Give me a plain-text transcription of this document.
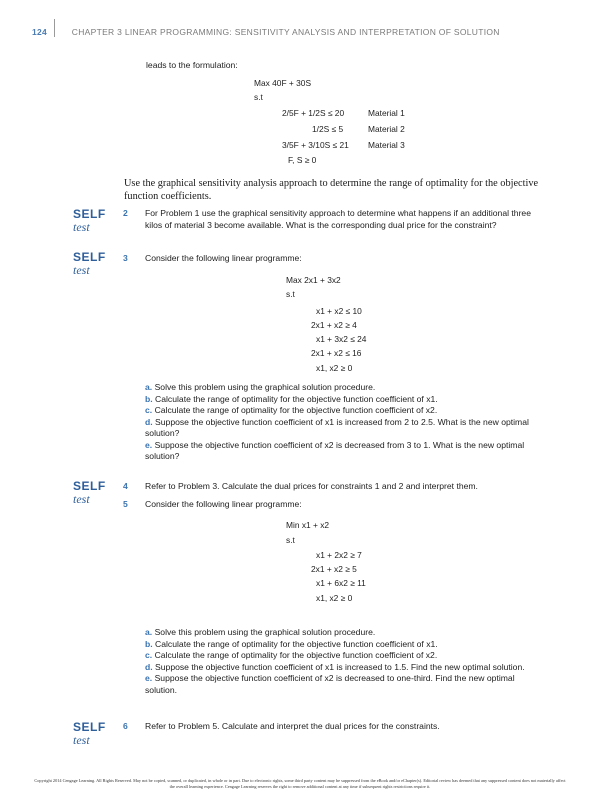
124	CHAPTER 3 LINEAR PROGRAMMING: SENSITIVITY ANALYSIS AND INTERPRETATION OF SOLUTION
leads to the formulation:
Max 40F + 30S
s.t
2/5F + 1/2S ≤ 20	Material 1
1/2S ≤ 5	Material 2
3/5F + 3/10S ≤ 21 Material 3
F, S ≥ 0
Use the graphical sensitivity analysis approach to determine the range of optimality for the objective function coefficients.
SELF
test
SELF
test
SELF
test
SELF
test
2 For Problem 1 use the graphical sensitivity approach to determine what happens if an additional three kilos of material 3 become available. What is the corresponding dual price for the constraint?
3 Consider the following linear programme:
Max 2x1 + 3x2
s.t
x1 + x2 ≤ 10
2x1 + x2 ≥ 4
x1 + 3x2 ≤ 24
2x1 + x2 ≤ 16
x1, x2 ≥ 0
a. Solve this problem using the graphical solution procedure.
b. Calculate the range of optimality for the objective function coefficient of x1.
c. Calculate the range of optimality for the objective function coefficient of x2.
d. Suppose the objective function coefficient of x1 is increased from 2 to 2.5. What is the new optimal solution?
e. Suppose the objective function coefficient of x2 is decreased from 3 to 1. What is the new optimal solution?
4 Refer to Problem 3. Calculate the dual prices for constraints 1 and 2 and interpret them.
5 Consider the following linear programme:
Min x1 + x2
s.t
x1 + 2x2 ≥ 7
2x1 + x2 ≥ 5
x1 + 6x2 ≥ 11
x1, x2 ≥ 0
a. Solve this problem using the graphical solution procedure.
b. Calculate the range of optimality for the objective function coefficient of x1.
c. Calculate the range of optimality for the objective function coefficient of x2.
d. Suppose the objective function coefficient of x1 is increased to 1.5. Find the new optimal solution.
e. Suppose the objective function coefficient of x2 is decreased to one-third. Find the new optimal solution.
6 Refer to Problem 5. Calculate and interpret the dual prices for the constraints.
Copyright 2014 Cengage Learning. All Rights Reserved. May not be copied, scanned, or duplicated, in whole or in part. Due to electronic rights, some third party content may be suppressed from the eBook and/or eChapter(s). Editorial review has deemed that any suppressed content does not materially affect the overall learning experience. Cengage Learning reserves the right to remove additional content at any time if subsequent rights restrictions require it.
